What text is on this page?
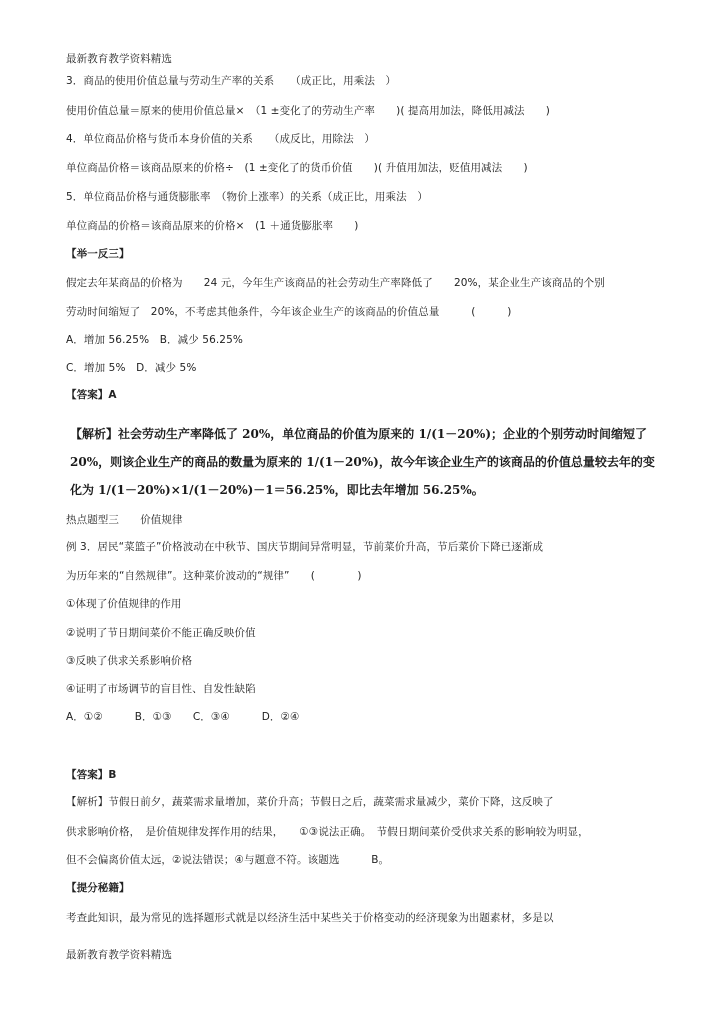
最新教育教学资料精选
3．商品的使用价值总量与劳动生产率的关系　　（成正比，用乘法　）
使用价值总量＝原来的使用价值总量×　（1 ±变化了的劳动生产率　　)( 提高用加法，降低用减法　　)
4．单位商品价格与货币本身价值的关系　　（成反比，用除法　）
单位商品价格＝该商品原来的价格÷　(1 ±变化了的货币价值　　)( 升值用加法，贬值用减法　　)
5．单位商品价格与通货膨胀率　（物价上涨率）的关系（成正比，用乘法　）
单位商品的价格＝该商品原来的价格×　(1 ＋通货膨胀率　　)
【举一反三】
假定去年某商品的价格为　　24 元，今年生产该商品的社会劳动生产率降低了　　20%，某企业生产该商品的个别
劳动时间缩短了　20%，不考虑其他条件，今年该企业生产的该商品的价值总量　　　(　　　)
A．增加 56.25%　B．减少 56.25%
C．增加 5%　D．减少 5%
【答案】A
【解析】社会劳动生产率降低了 20%，单位商品的价值为原来的 1/(1－20%)；企业的个别劳动时间缩短了
20%，则该企业生产的商品的数量为原来的 1/(1－20%)，故今年该企业生产的该商品的价值总量较去年的变
化为 1/(1－20%)×1/(1－20%)－1＝56.25%，即比去年增加 56.25%。
热点题型三　　价值规律
例 3．居民“菜篮子”价格波动在中秋节、国庆节期间异常明显，节前菜价升高，节后菜价下降已逐渐成
为历年来的“自然规律”。这种菜价波动的“规律”　　(　　　　)
①体现了价值规律的作用
②说明了节日期间菜价不能正确反映价值
③反映了供求关系影响价格
④证明了市场调节的盲目性、自发性缺陷
A．①②　　　B．①③　　C．③④　　　D．②④
【答案】B
【解析】节假日前夕，蔬菜需求量增加，菜价升高；节假日之后，蔬菜需求量减少，菜价下降，这反映了
供求影响价格，　是价值规律发挥作用的结果，　　①③说法正确。　节假日期间菜价受供求关系的影响较为明显，
但不会偏离价值太远，②说法错误；④与题意不符。该题选　　　B。
【提分秘籍】
考查此知识，最为常见的选择题形式就是以经济生活中某些关于价格变动的经济现象为出题素材，多是以
最新教育教学资料精选
